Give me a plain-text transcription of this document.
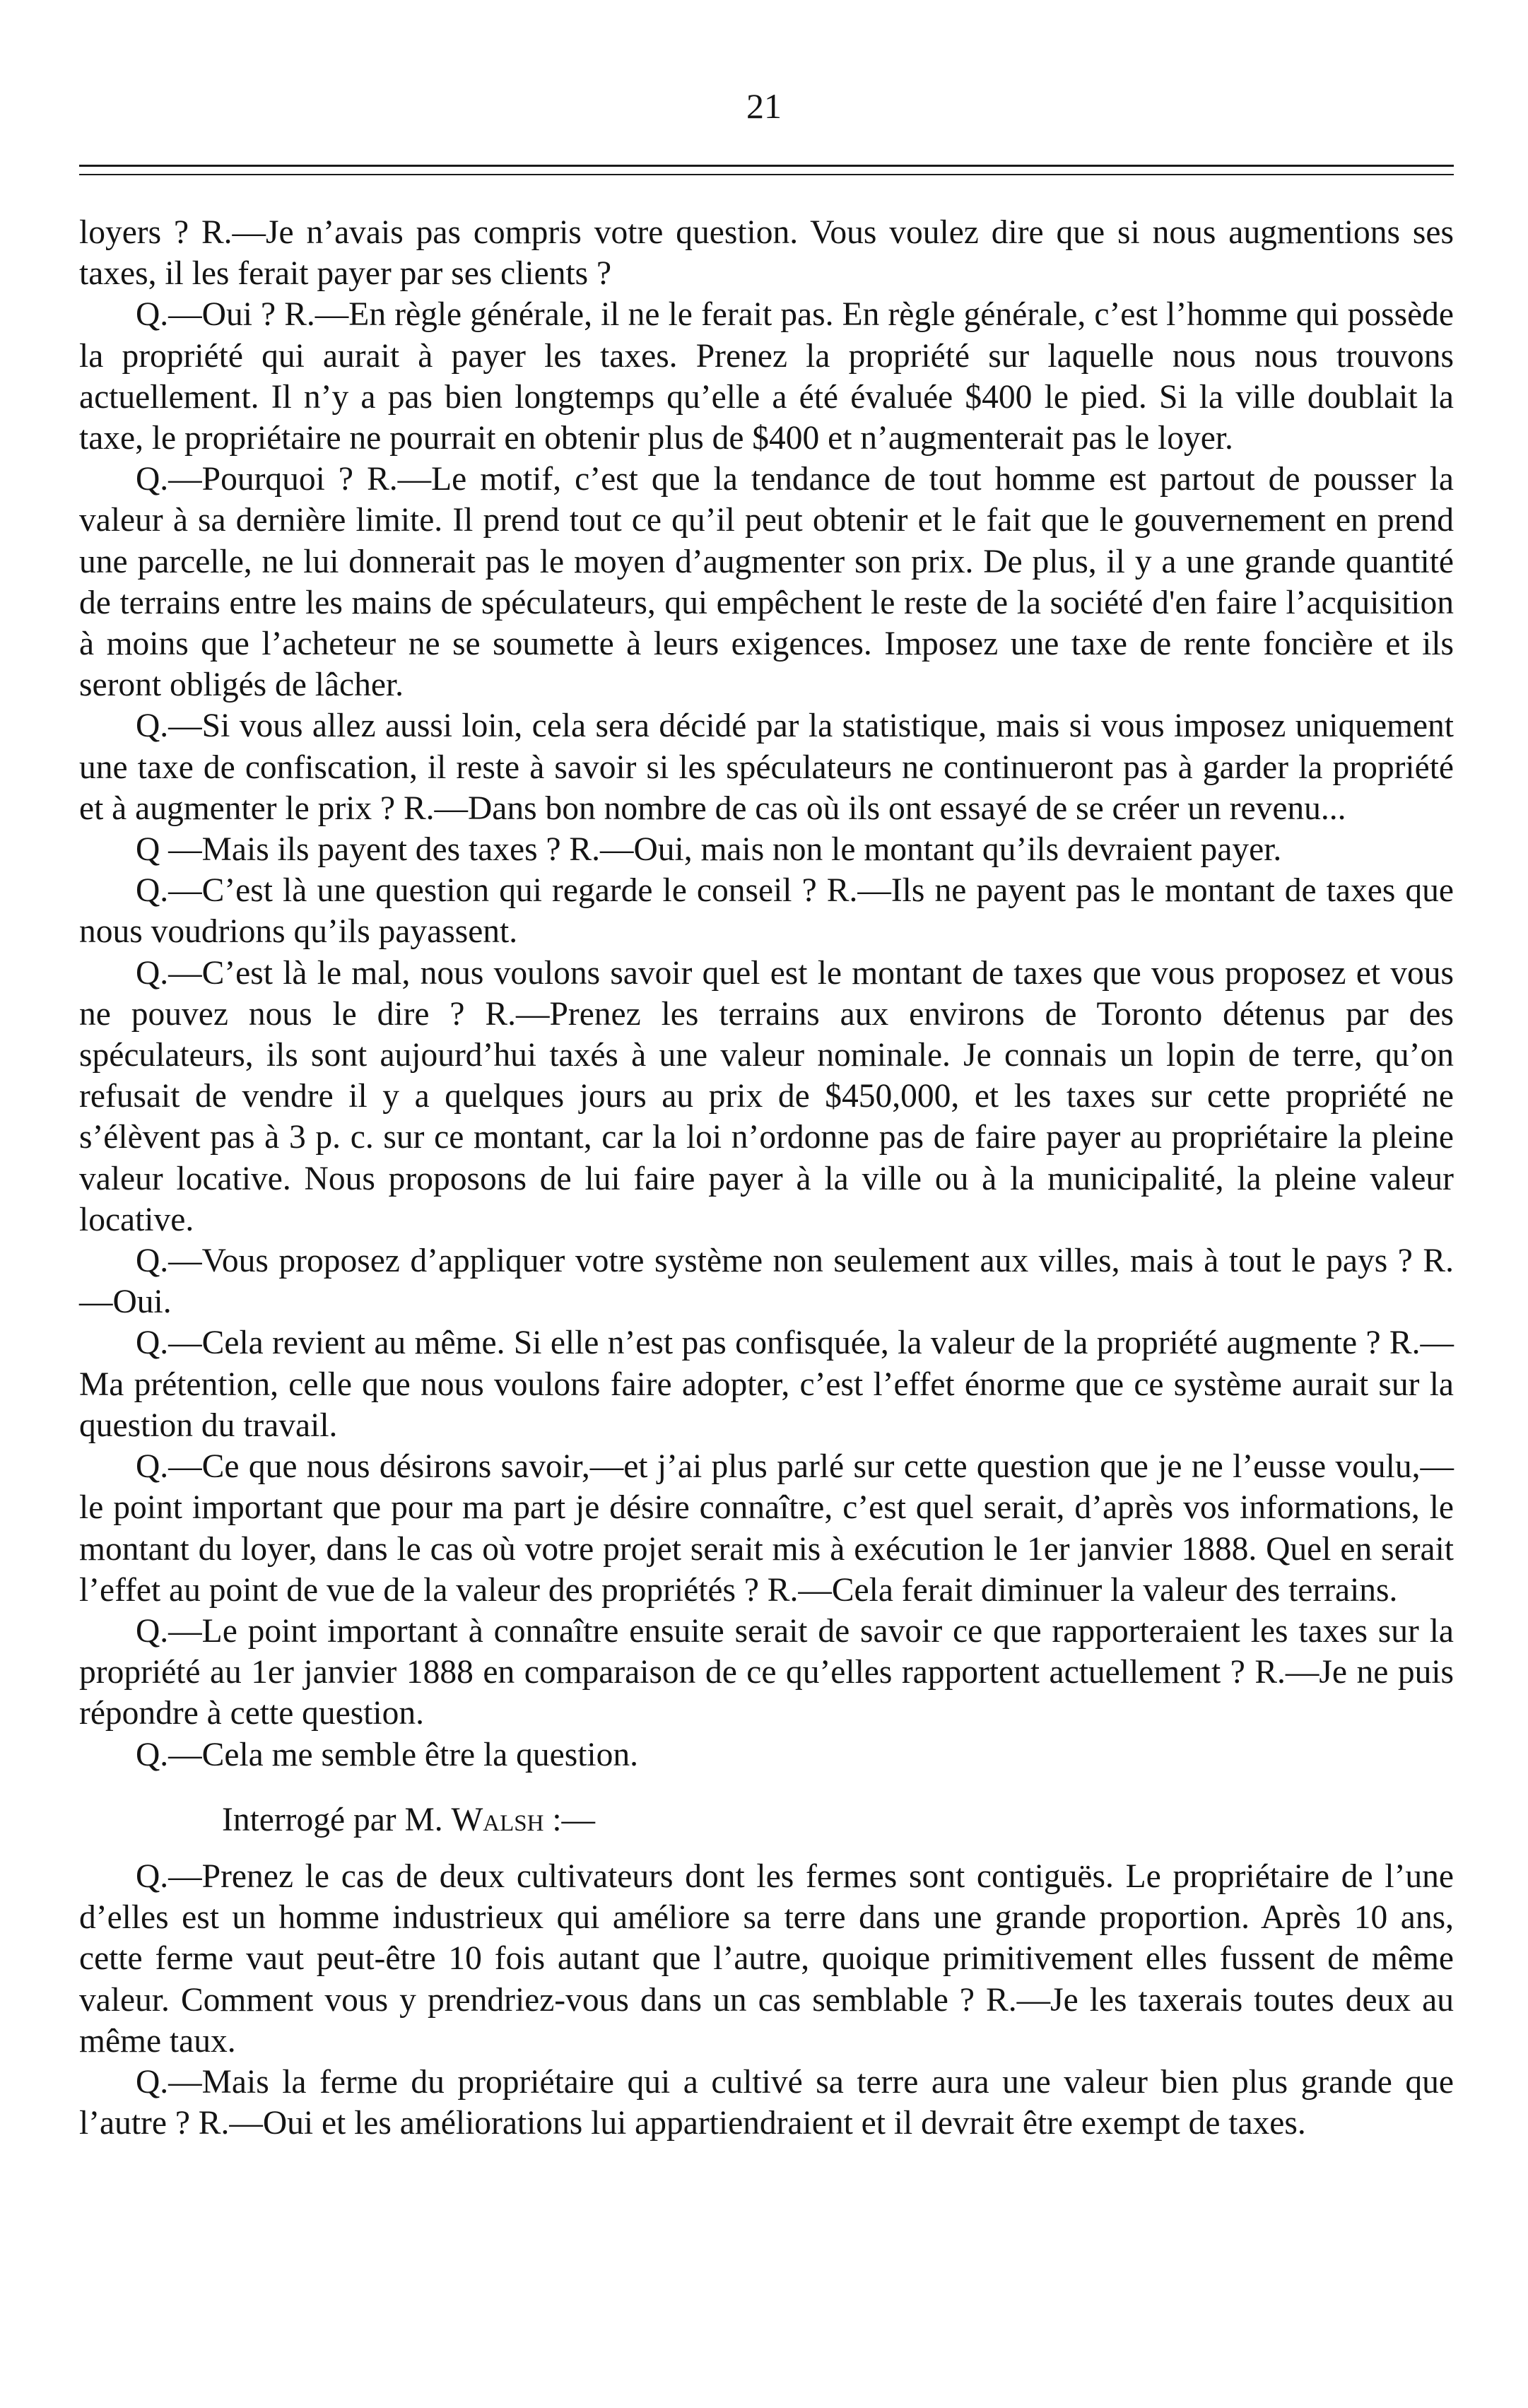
21

loyers ? R.—Je n’avais pas compris votre question. Vous voulez dire que si nous augmentions ses taxes, il les ferait payer par ses clients ?

Q.—Oui ? R.—En règle générale, il ne le ferait pas. En règle générale, c’est l’homme qui possède la propriété qui aurait à payer les taxes. Prenez la propriété sur laquelle nous nous trouvons actuellement. Il n’y a pas bien longtemps qu’elle a été évaluée $400 le pied. Si la ville doublait la taxe, le propriétaire ne pourrait en obtenir plus de $400 et n’augmenterait pas le loyer.

Q.—Pourquoi ? R.—Le motif, c’est que la tendance de tout homme est partout de pousser la valeur à sa dernière limite. Il prend tout ce qu’il peut obtenir et le fait que le gouvernement en prend une parcelle, ne lui donnerait pas le moyen d’augmenter son prix. De plus, il y a une grande quantité de terrains entre les mains de spéculateurs, qui empêchent le reste de la société d'en faire l’acquisition à moins que l’acheteur ne se soumette à leurs exigences. Imposez une taxe de rente foncière et ils seront obligés de lâcher.

Q.—Si vous allez aussi loin, cela sera décidé par la statistique, mais si vous imposez uniquement une taxe de confiscation, il reste à savoir si les spéculateurs ne continueront pas à garder la propriété et à augmenter le prix ? R.—Dans bon nombre de cas où ils ont essayé de se créer un revenu...

Q —Mais ils payent des taxes ? R.—Oui, mais non le montant qu’ils devraient payer.

Q.—C’est là une question qui regarde le conseil ? R.—Ils ne payent pas le montant de taxes que nous voudrions qu’ils payassent.

Q.—C’est là le mal, nous voulons savoir quel est le montant de taxes que vous proposez et vous ne pouvez nous le dire ? R.—Prenez les terrains aux environs de Toronto détenus par des spéculateurs, ils sont aujourd’hui taxés à une valeur nominale. Je connais un lopin de terre, qu’on refusait de vendre il y a quelques jours au prix de $450,000, et les taxes sur cette propriété ne s’élèvent pas à 3 p. c. sur ce montant, car la loi n’ordonne pas de faire payer au propriétaire la pleine valeur locative. Nous proposons de lui faire payer à la ville ou à la municipalité, la pleine valeur locative.

Q.—Vous proposez d’appliquer votre système non seulement aux villes, mais à tout le pays ? R.—Oui.

Q.—Cela revient au même. Si elle n’est pas confisquée, la valeur de la propriété augmente ? R.—Ma prétention, celle que nous voulons faire adopter, c’est l’effet énorme que ce système aurait sur la question du travail.

Q.—Ce que nous désirons savoir,—et j’ai plus parlé sur cette question que je ne l’eusse voulu,—le point important que pour ma part je désire connaître, c’est quel serait, d’après vos informations, le montant du loyer, dans le cas où votre projet serait mis à exécution le 1er janvier 1888. Quel en serait l’effet au point de vue de la valeur des propriétés ? R.—Cela ferait diminuer la valeur des terrains.

Q.—Le point important à connaître ensuite serait de savoir ce que rapporteraient les taxes sur la propriété au 1er janvier 1888 en comparaison de ce qu’elles rapportent actuellement ? R.—Je ne puis répondre à cette question.

Q.—Cela me semble être la question.

Interrogé par M. Walsh :—

Q.—Prenez le cas de deux cultivateurs dont les fermes sont contiguës. Le propriétaire de l’une d’elles est un homme industrieux qui améliore sa terre dans une grande proportion. Après 10 ans, cette ferme vaut peut-être 10 fois autant que l’autre, quoique primitivement elles fussent de même valeur. Comment vous y prendriez-vous dans un cas semblable ? R.—Je les taxerais toutes deux au même taux.

Q.—Mais la ferme du propriétaire qui a cultivé sa terre aura une valeur bien plus grande que l’autre ? R.—Oui et les améliorations lui appartiendraient et il devrait être exempt de taxes.
